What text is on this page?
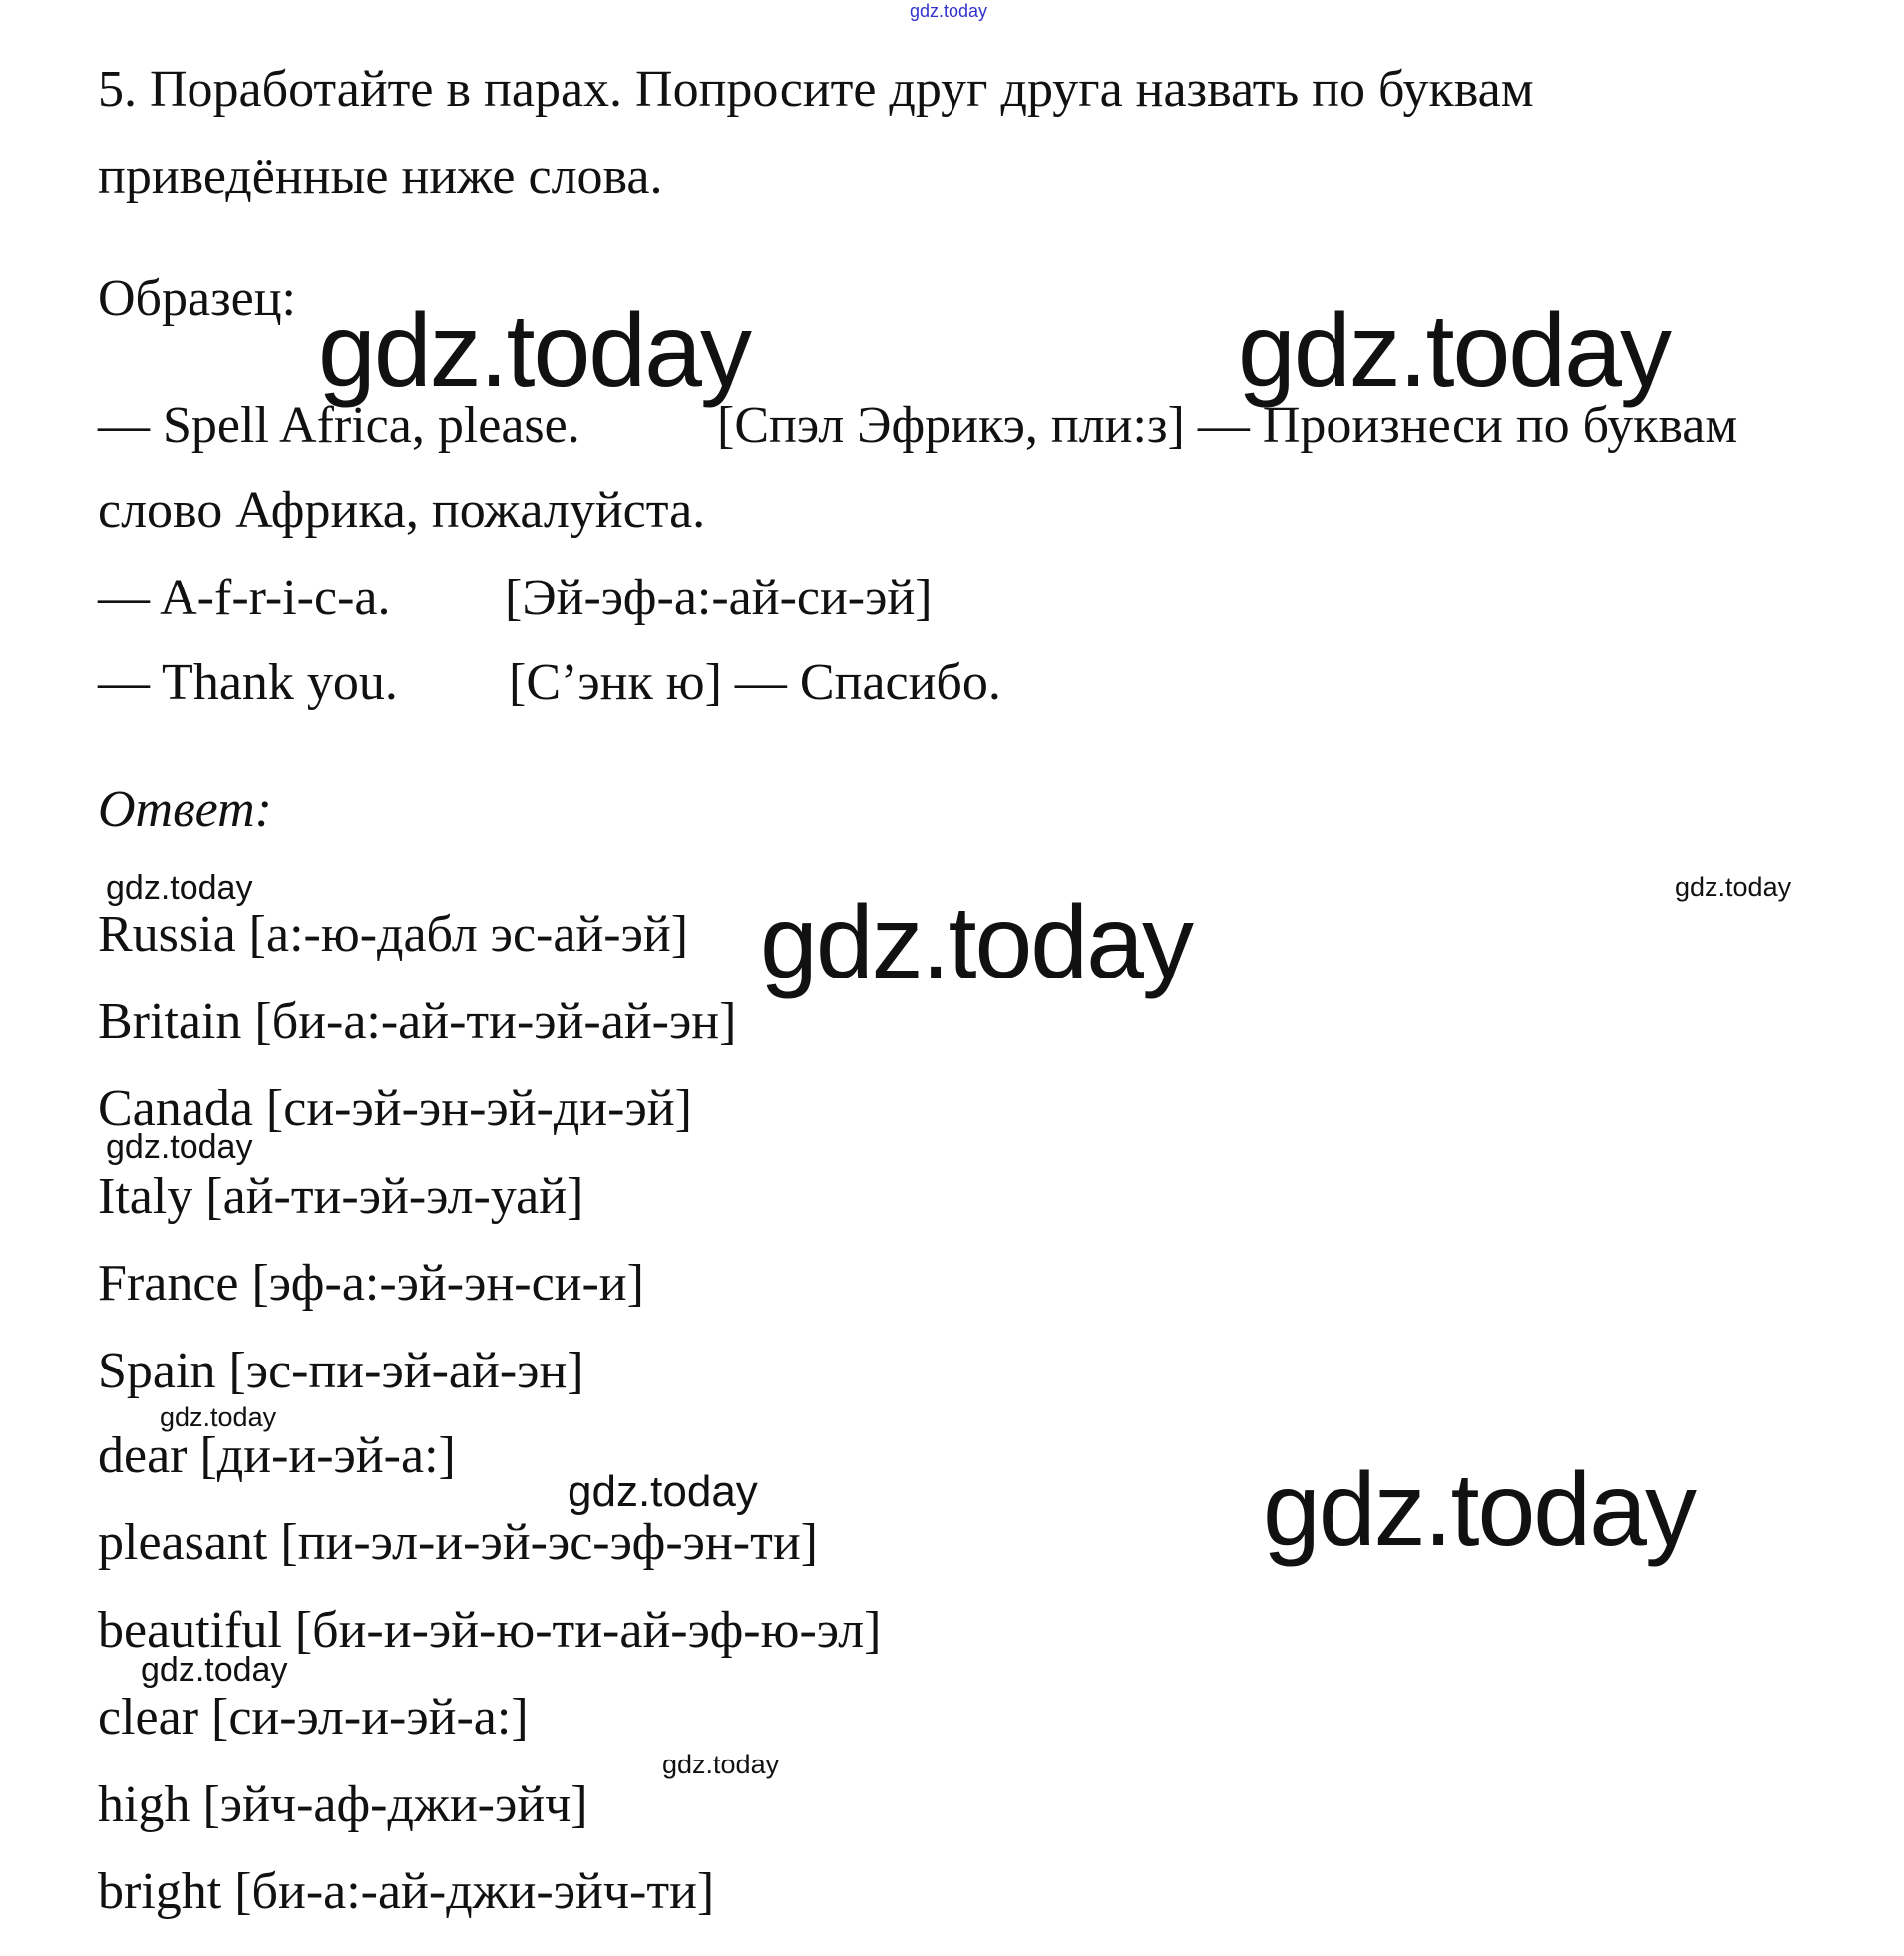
gdz.today
5. Поработайте в парах. Попросите друг друга назвать по буквам
приведённые ниже слова.
Образец:
— Spell Africa, please.	[Спэл Эфрикэ, пли:з] — Произнеси по буквам
слово Африка, пожалуйста.
— A-f-r-i-c-a. [Эй-эф-а:-ай-си-эй]
— Thank you. [С’энк ю] — Спасибо.
Ответ:
Russia [а:-ю-дабл эс-ай-эй]
Britain [би-а:-ай-ти-эй-ай-эн]
Canada [си-эй-эн-эй-ди-эй]
Italy [ай-ти-эй-эл-уай]
France [эф-а:-эй-эн-си-и]
Spain [эс-пи-эй-ай-эн]
dear [ди-и-эй-а:]
pleasant [пи-эл-и-эй-эс-эф-эн-ти]
beautiful [би-и-эй-ю-ти-ай-эф-ю-эл]
clear [си-эл-и-эй-а:]
high [эйч-аф-джи-эйч]
bright [би-а:-ай-джи-эйч-ти]
gdz.today	gdz.today
gdz.today	gdz.today
gdz.today
gdz.today
gdz.today
gdz.today	gdz.today
gdz.today
gdz.today
